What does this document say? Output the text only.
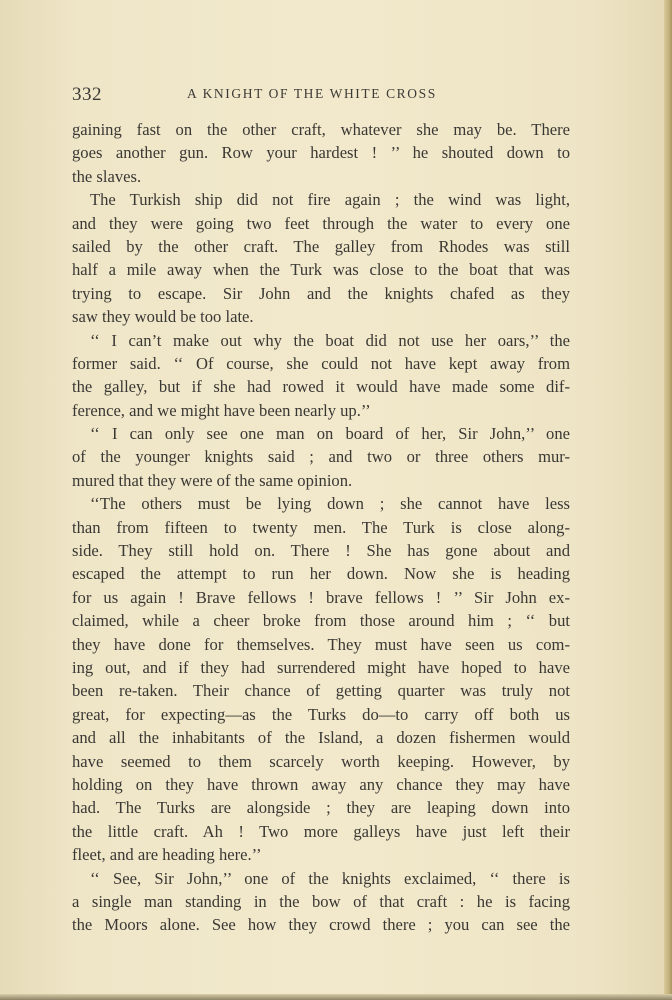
332	A KNIGHT OF THE WHITE CROSS
gaining fast on the other craft, whatever she may be. There
goes another gun. Row your hardest ! ’’ he shouted down to
the slaves.
The Turkish ship did not fire again ; the wind was light,
and they were going two feet through the water to every one
sailed by the other craft. The galley from Rhodes was still
half a mile away when the Turk was close to the boat that was
trying to escape. Sir John and the knights chafed as they
saw they would be too late.
‘‘ I can’t make out why the boat did not use her oars,’’ the
former said. ‘‘ Of course, she could not have kept away from
the galley, but if she had rowed it would have made some dif-
ference, and we might have been nearly up.’’
‘‘ I can only see one man on board of her, Sir John,’’ one
of the younger knights said ; and two or three others mur-
mured that they were of the same opinion.
‘‘The others must be lying down ; she cannot have less
than from fifteen to twenty men. The Turk is close along-
side. They still hold on. There ! She has gone about and
escaped the attempt to run her down. Now she is heading
for us again ! Brave fellows ! brave fellows ! ’’ Sir John ex-
claimed, while a cheer broke from those around him ; ‘‘ but
they have done for themselves. They must have seen us com-
ing out, and if they had surrendered might have hoped to have
been re-taken. Their chance of getting quarter was truly not
great, for expecting—as the Turks do—to carry off both us
and all the inhabitants of the Island, a dozen fishermen would
have seemed to them scarcely worth keeping. However, by
holding on they have thrown away any chance they may have
had. The Turks are alongside ; they are leaping down into
the little craft. Ah ! Two more galleys have just left their
fleet, and are heading here.’’
‘‘ See, Sir John,’’ one of the knights exclaimed, ‘‘ there is
a single man standing in the bow of that craft : he is facing
the Moors alone. See how they crowd there ; you can see the
